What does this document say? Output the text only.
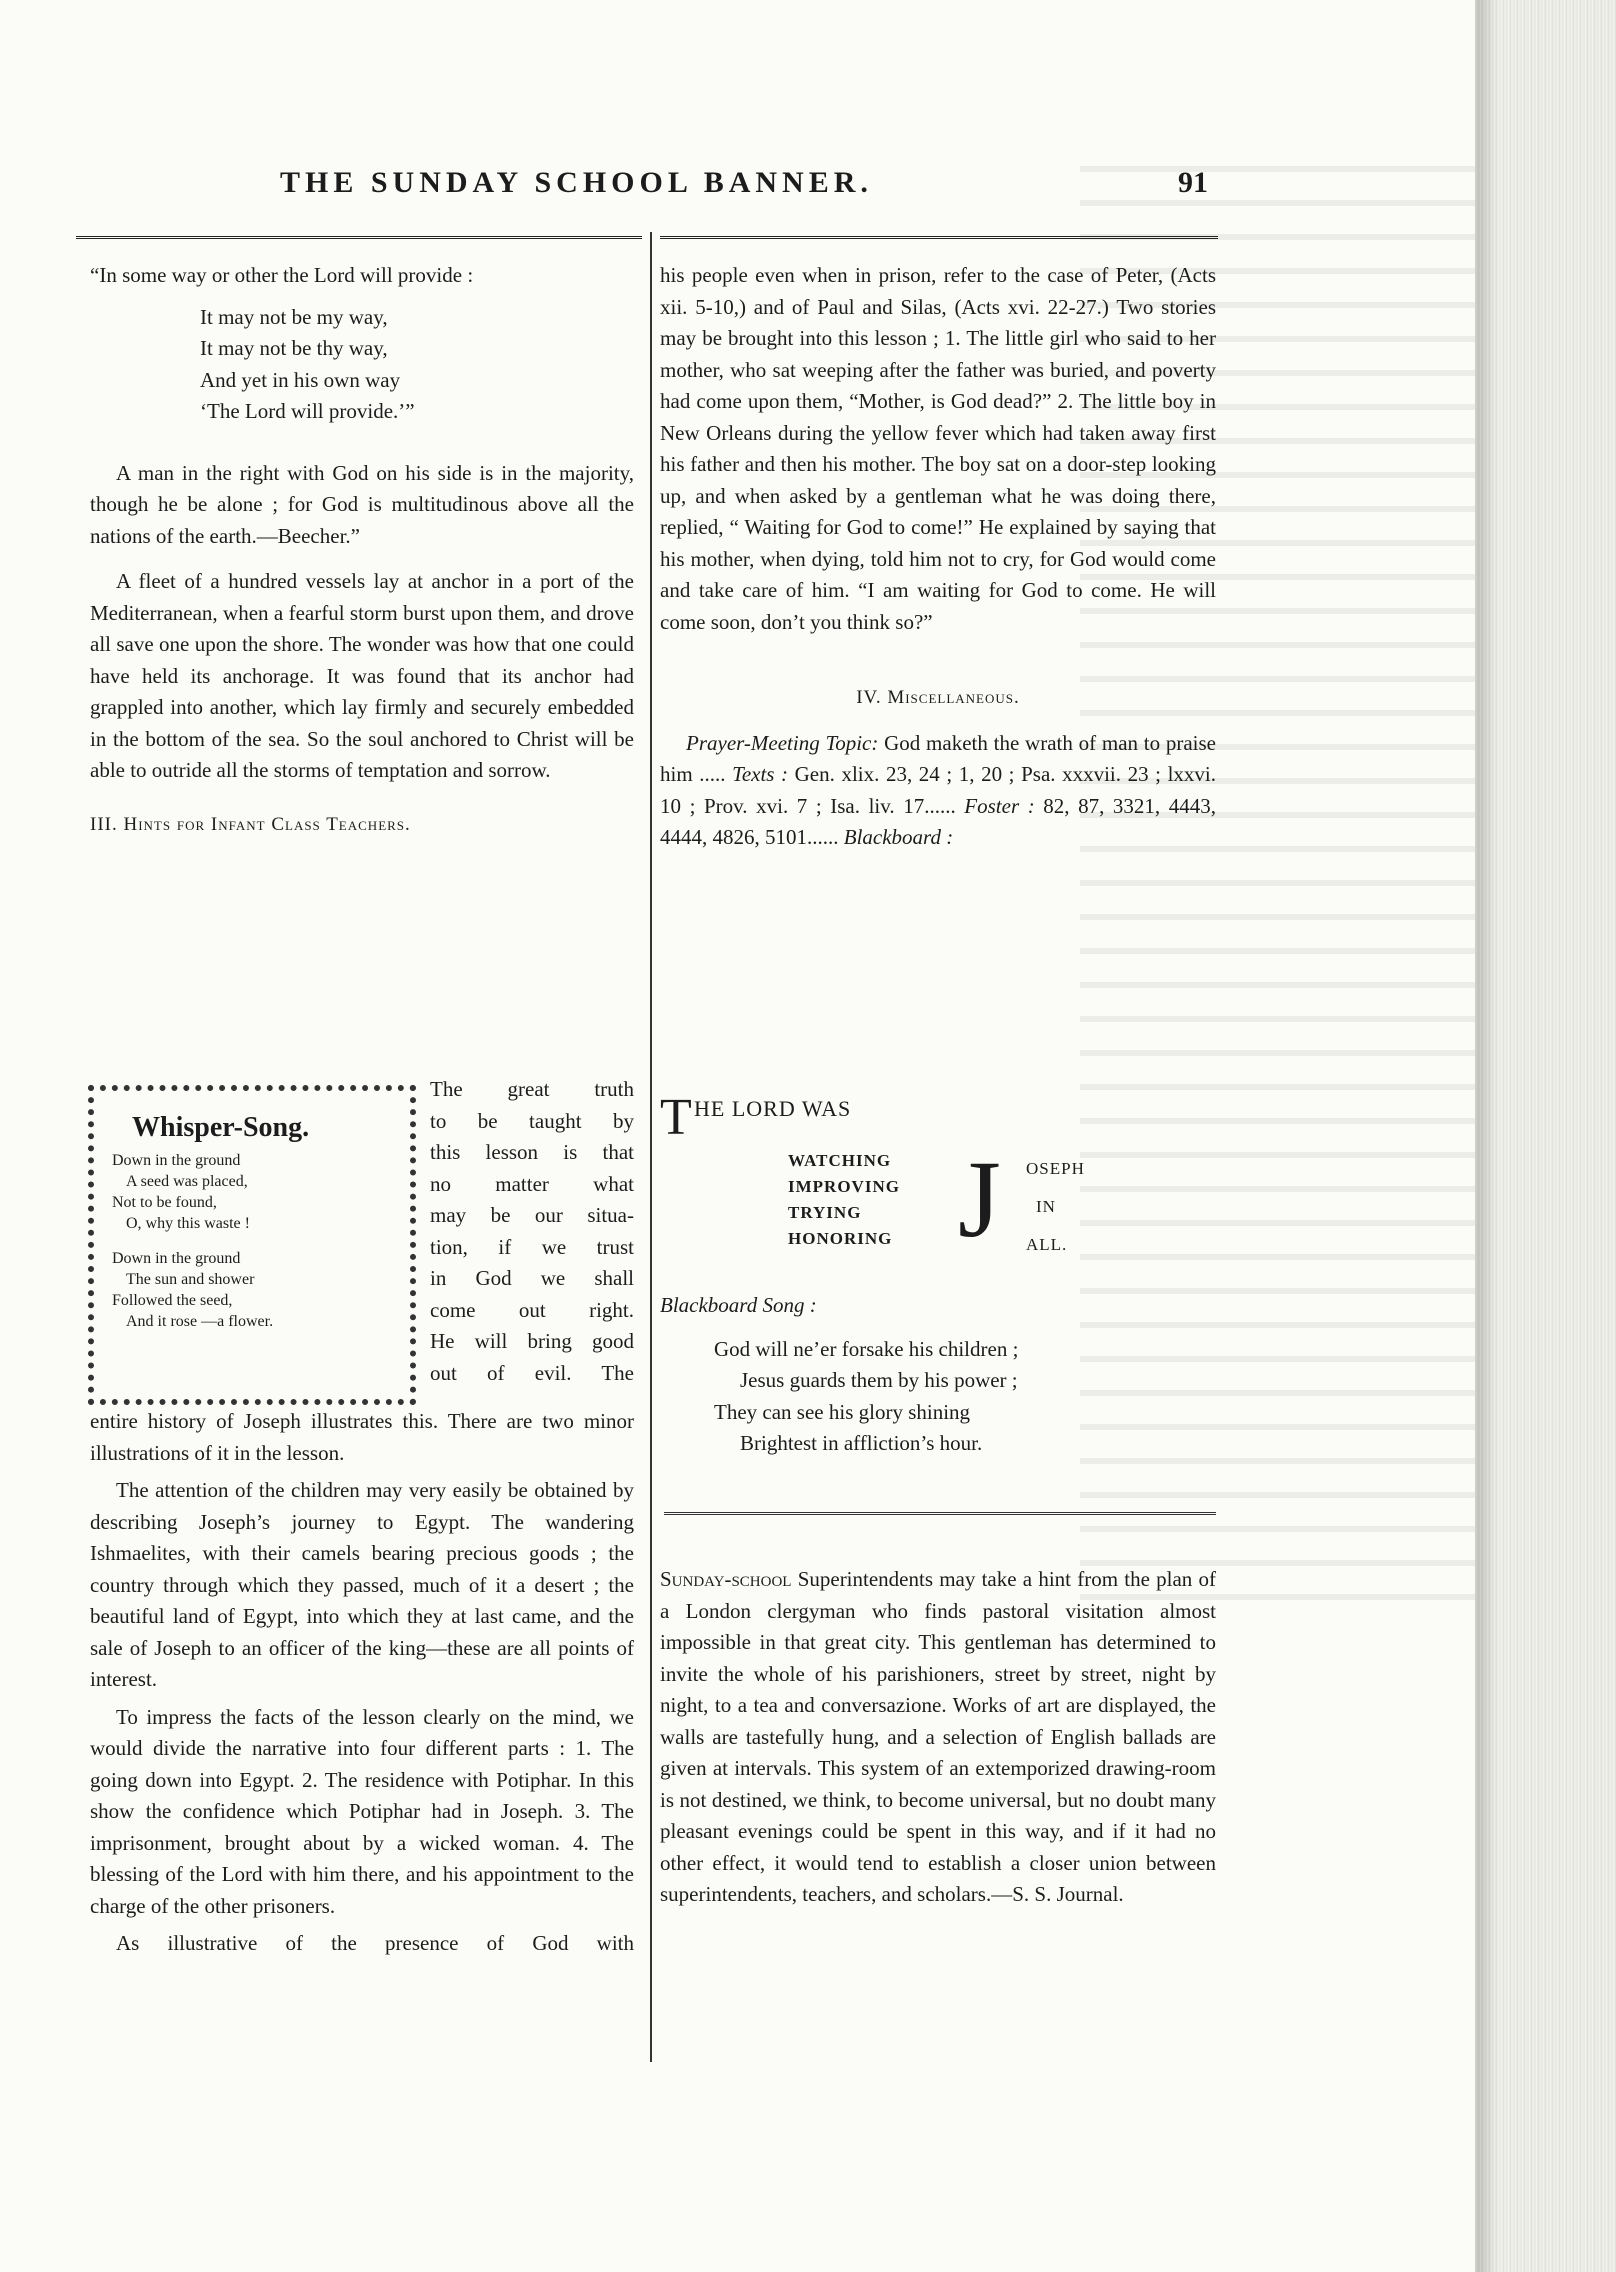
THE SUNDAY SCHOOL BANNER.	91

“In some way or other the Lord will provide :

It may not be my way,
It may not be thy way,
And yet in his own way
‘The Lord will provide.’”

A man in the right with God on his side is in the majority, though he be alone ; for God is multitudinous above all the nations of the earth.—Beecher.”

A fleet of a hundred vessels lay at anchor in a port of the Mediterranean, when a fearful storm burst upon them, and drove all save one upon the shore. The wonder was how that one could have held its anchorage. It was found that its anchor had grappled into another, which lay firmly and securely embedded in the bottom of the sea. So the soul anchored to Christ will be able to outride all the storms of temptation and sorrow.

III. Hints for Infant Class Teachers.

Whisper-Song.
Down in the ground
A seed was placed,
Not to be found,
O, why this waste !
Down in the ground
The sun and shower
Followed the seed,
And it rose —a flower.
The great truth
to be taught by
this lesson is that
no matter what
may be our situa-
tion, if we trust
in God we shall
come out right.
He will bring good
out of evil. The

entire history of Joseph illustrates this. There are two minor illustrations of it in the lesson.

The attention of the children may very easily be obtained by describing Joseph’s journey to Egypt. The wandering Ishmaelites, with their camels bearing precious goods ; the country through which they passed, much of it a desert ; the beautiful land of Egypt, into which they at last came, and the sale of Joseph to an officer of the king—these are all points of interest.

To impress the facts of the lesson clearly on the mind, we would divide the narrative into four different parts : 1. The going down into Egypt. 2. The residence with Potiphar. In this show the confidence which Potiphar had in Joseph. 3. The imprisonment, brought about by a wicked woman. 4. The blessing of the Lord with him there, and his appointment to the charge of the other prisoners.

As illustrative of the presence of God with

his people even when in prison, refer to the case of Peter, (Acts xii. 5-10,) and of Paul and Silas, (Acts xvi. 22-27.) Two stories may be brought into this lesson ; 1. The little girl who said to her mother, who sat weeping after the father was buried, and poverty had come upon them, “Mother, is God dead?” 2. The little boy in New Orleans during the yellow fever which had taken away first his father and then his mother. The boy sat on a door-step looking up, and when asked by a gentleman what he was doing there, replied, “ Waiting for God to come!” He explained by saying that his mother, when dying, told him not to cry, for God would come and take care of him. “I am waiting for God to come. He will come soon, don’t you think so?”

IV. Miscellaneous.

Prayer-Meeting Topic: God maketh the wrath of man to praise him ..... Texts : Gen. xlix. 23, 24 ; 1, 20 ; Psa. xxxvii. 23 ; lxxvi. 10 ; Prov. xvi. 7 ; Isa. liv. 17...... Foster : 82, 87, 3321, 4443, 4444, 4826, 5101...... Blackboard :

T HE LORD WAS
WATCHING
IMPROVING
TRYING
HONORING J OSEPH
IN
ALL.

Blackboard Song :

God will ne’er forsake his children ;
Jesus guards them by his power ;
They can see his glory shining
Brightest in affliction’s hour.

Sunday-school Superintendents may take a hint from the plan of a London clergyman who finds pastoral visitation almost impossible in that great city. This gentleman has determined to invite the whole of his parishioners, street by street, night by night, to a tea and conversazione. Works of art are displayed, the walls are tastefully hung, and a selection of English ballads are given at intervals. This system of an extemporized drawing-room is not destined, we think, to become universal, but no doubt many pleasant evenings could be spent in this way, and if it had no other effect, it would tend to establish a closer union between superintendents, teachers, and scholars.—S. S. Journal.
